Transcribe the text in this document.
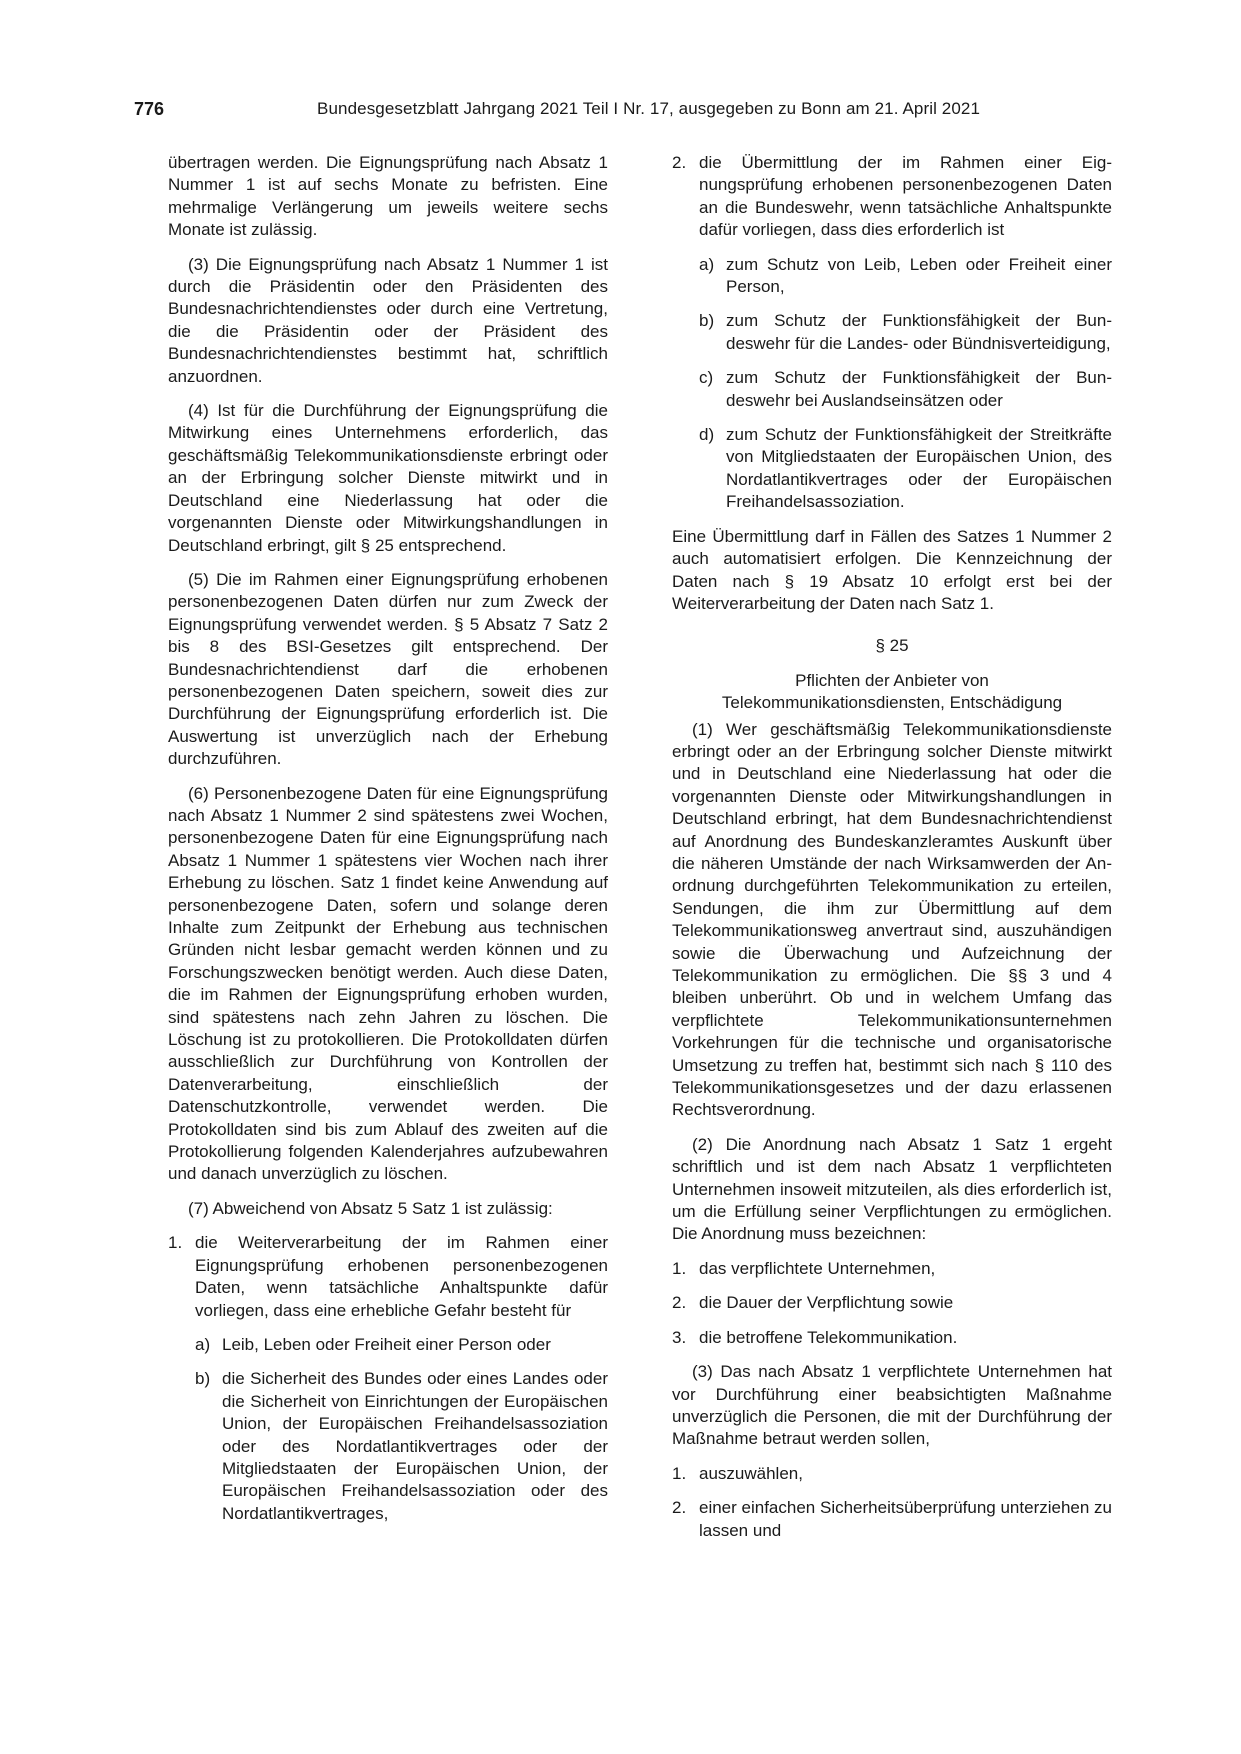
776	Bundesgesetzblatt Jahrgang 2021 Teil I Nr. 17, ausgegeben zu Bonn am 21. April 2021

übertragen werden. Die Eignungsprüfung nach Absatz 1 Nummer 1 ist auf sechs Monate zu befristen. Eine mehrmalige Verlängerung um jeweils weitere sechs Monate ist zulässig.

(3) Die Eignungsprüfung nach Absatz 1 Nummer 1 ist durch die Präsidentin oder den Präsidenten des Bundesnachrichtendienstes oder durch eine Vertretung, die die Präsidentin oder der Präsident des Bundesnachrichtendienstes bestimmt hat, schriftlich anzuordnen.

(4) Ist für die Durchführung der Eignungsprüfung die Mitwirkung eines Unternehmens erforderlich, das geschäftsmäßig Telekommunikationsdienste erbringt oder an der Erbringung solcher Dienste mitwirkt und in Deutschland eine Niederlassung hat oder die vorgenannten Dienste oder Mitwirkungshandlungen in Deutschland erbringt, gilt § 25 entsprechend.

(5) Die im Rahmen einer Eignungsprüfung erhobenen personenbezogenen Daten dürfen nur zum Zweck der Eignungsprüfung verwendet werden. § 5 Absatz 7 Satz 2 bis 8 des BSI-Gesetzes gilt entsprechend. Der Bundesnachrichtendienst darf die erhobenen personenbezogenen Daten speichern, soweit dies zur Durchführung der Eignungsprüfung erforderlich ist. Die Auswertung ist unverzüglich nach der Erhebung durchzuführen.

(6) Personenbezogene Daten für eine Eignungsprüfung nach Absatz 1 Nummer 2 sind spätestens zwei Wochen, personenbezogene Daten für eine Eignungsprüfung nach Absatz 1 Nummer 1 spätestens vier Wochen nach ihrer Erhebung zu löschen. Satz 1 findet keine Anwendung auf personenbezogene Daten, sofern und solange deren Inhalte zum Zeitpunkt der Erhebung aus technischen Gründen nicht lesbar gemacht werden können und zu Forschungszwecken benötigt werden. Auch diese Daten, die im Rahmen der Eignungsprüfung erhoben wurden, sind spätestens nach zehn Jahren zu löschen. Die Löschung ist zu protokollieren. Die Protokolldaten dürfen ausschließlich zur Durchführung von Kontrollen der Datenverarbeitung, einschließlich der Datenschutzkontrolle, verwendet werden. Die Protokolldaten sind bis zum Ablauf des zweiten auf die Protokollierung folgenden Kalenderjahres aufzubewahren und danach unverzüglich zu löschen.

(7) Abweichend von Absatz 5 Satz 1 ist zulässig:

1. die Weiterverarbeitung der im Rahmen einer Eignungsprüfung erhobenen personenbezogenen Daten, wenn tatsächliche Anhaltspunkte dafür vorliegen, dass eine erhebliche Gefahr besteht für
a) Leib, Leben oder Freiheit einer Person oder
b) die Sicherheit des Bundes oder eines Landes oder die Sicherheit von Einrichtungen der Europäischen Union, der Europäischen Freihandelsassoziation oder des Nordatlantikvertrages oder der Mitgliedstaaten der Europäischen Union, der Europäischen Freihandelsassoziation oder des Nordatlantikvertrages,
2. die Übermittlung der im Rahmen einer Eignungsprüfung erhobenen personenbezogenen Daten an die Bundeswehr, wenn tatsächliche Anhaltspunkte dafür vorliegen, dass dies erforderlich ist
a) zum Schutz von Leib, Leben oder Freiheit einer Person,
b) zum Schutz der Funktionsfähigkeit der Bundeswehr für die Landes- oder Bündnisverteidigung,
c) zum Schutz der Funktionsfähigkeit der Bundeswehr bei Auslandseinsätzen oder
d) zum Schutz der Funktionsfähigkeit der Streitkräfte von Mitgliedstaaten der Europäischen Union, des Nordatlantikvertrages oder der Europäischen Freihandelsassoziation.

Eine Übermittlung darf in Fällen des Satzes 1 Nummer 2 auch automatisiert erfolgen. Die Kennzeichnung der Daten nach § 19 Absatz 10 erfolgt erst bei der Weiterverarbeitung der Daten nach Satz 1.

§ 25

Pflichten der Anbieter von
Telekommunikationsdiensten, Entschädigung

(1) Wer geschäftsmäßig Telekommunikationsdienste erbringt oder an der Erbringung solcher Dienste mitwirkt und in Deutschland eine Niederlassung hat oder die vorgenannten Dienste oder Mitwirkungshandlungen in Deutschland erbringt, hat dem Bundesnachrichtendienst auf Anordnung des Bundeskanzleramtes Auskunft über die näheren Umstände der nach Wirksamwerden der Anordnung durchgeführten Telekommunikation zu erteilen, Sendungen, die ihm zur Übermittlung auf dem Telekommunikationsweg anvertraut sind, auszuhändigen sowie die Überwachung und Aufzeichnung der Telekommunikation zu ermöglichen. Die §§ 3 und 4 bleiben unberührt. Ob und in welchem Umfang das verpflichtete Telekommunikationsunternehmen Vorkehrungen für die technische und organisatorische Umsetzung zu treffen hat, bestimmt sich nach § 110 des Telekommunikationsgesetzes und der dazu erlassenen Rechtsverordnung.

(2) Die Anordnung nach Absatz 1 Satz 1 ergeht schriftlich und ist dem nach Absatz 1 verpflichteten Unternehmen insoweit mitzuteilen, als dies erforderlich ist, um die Erfüllung seiner Verpflichtungen zu ermöglichen. Die Anordnung muss bezeichnen:

1. das verpflichtete Unternehmen,
2. die Dauer der Verpflichtung sowie
3. die betroffene Telekommunikation.

(3) Das nach Absatz 1 verpflichtete Unternehmen hat vor Durchführung einer beabsichtigten Maßnahme unverzüglich die Personen, die mit der Durchführung der Maßnahme betraut werden sollen,

1. auszuwählen,
2. einer einfachen Sicherheitsüberprüfung unterziehen zu lassen und
